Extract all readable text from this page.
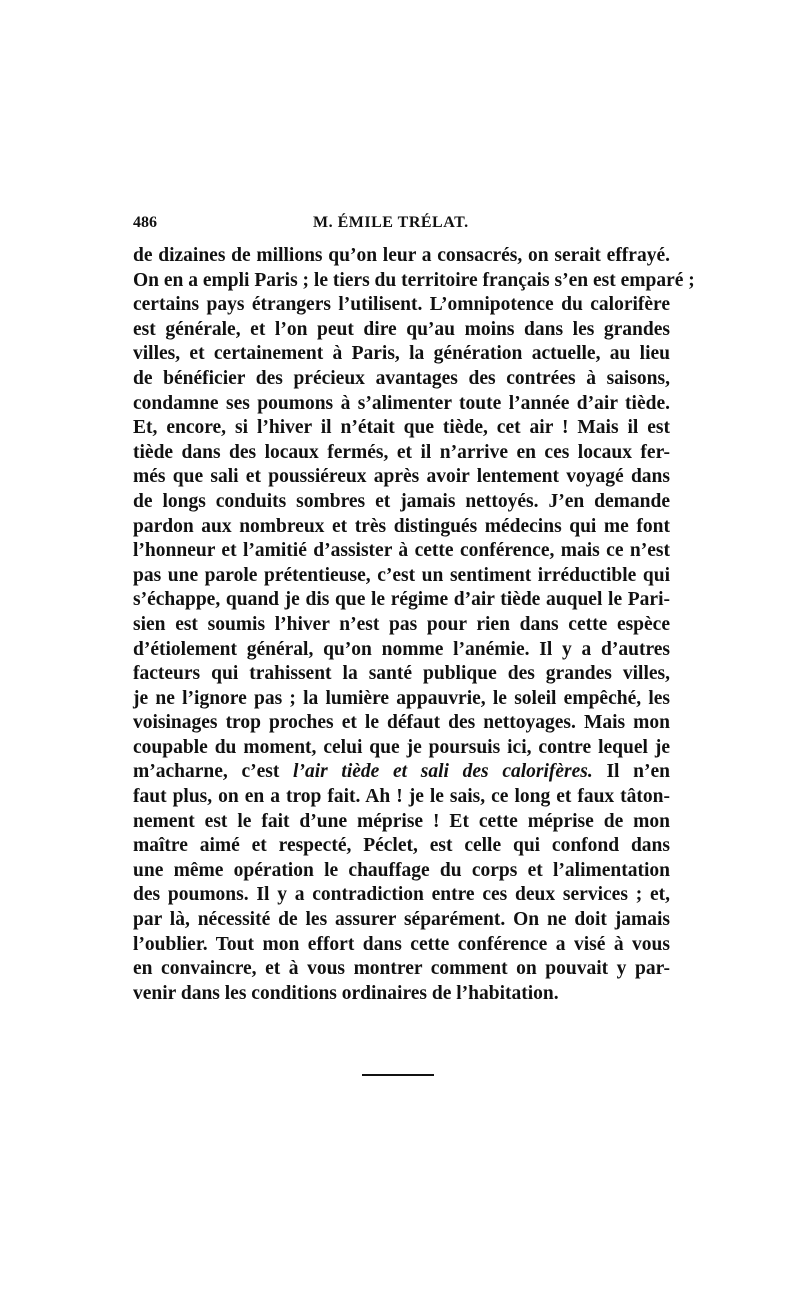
486	M. ÉMILE TRÉLAT.
de dizaines de millions qu’on leur a consacrés, on serait effrayé.
On en a empli Paris ; le tiers du territoire français s’en est emparé ;
certains pays étrangers l’utilisent. L’omnipotence du calorifère
est générale, et l’on peut dire qu’au moins dans les grandes
villes, et certainement à Paris, la génération actuelle, au lieu
de bénéficier des précieux avantages des contrées à saisons,
condamne ses poumons à s’alimenter toute l’année d’air tiède.
Et, encore, si l’hiver il n’était que tiède, cet air ! Mais il est
tiède dans des locaux fermés, et il n’arrive en ces locaux fer-
més que sali et poussiéreux après avoir lentement voyagé dans
de longs conduits sombres et jamais nettoyés. J’en demande
pardon aux nombreux et très distingués médecins qui me font
l’honneur et l’amitié d’assister à cette conférence, mais ce n’est
pas une parole prétentieuse, c’est un sentiment irréductible qui
s’échappe, quand je dis que le régime d’air tiède auquel le Pari-
sien est soumis l’hiver n’est pas pour rien dans cette espèce
d’étiolement général, qu’on nomme l’anémie. Il y a d’autres
facteurs qui trahissent la santé publique des grandes villes,
je ne l’ignore pas ; la lumière appauvrie, le soleil empêché, les
voisinages trop proches et le défaut des nettoyages. Mais mon
coupable du moment, celui que je poursuis ici, contre lequel je
m’acharne, c’est l’air tiède et sali des calorifères. Il n’en
faut plus, on en a trop fait. Ah ! je le sais, ce long et faux tâton-
nement est le fait d’une méprise ! Et cette méprise de mon
maître aimé et respecté, Péclet, est celle qui confond dans
une même opération le chauffage du corps et l’alimentation
des poumons. Il y a contradiction entre ces deux services ; et,
par là, nécessité de les assurer séparément. On ne doit jamais
l’oublier. Tout mon effort dans cette conférence a visé à vous
en convaincre, et à vous montrer comment on pouvait y par-
venir dans les conditions ordinaires de l’habitation.
